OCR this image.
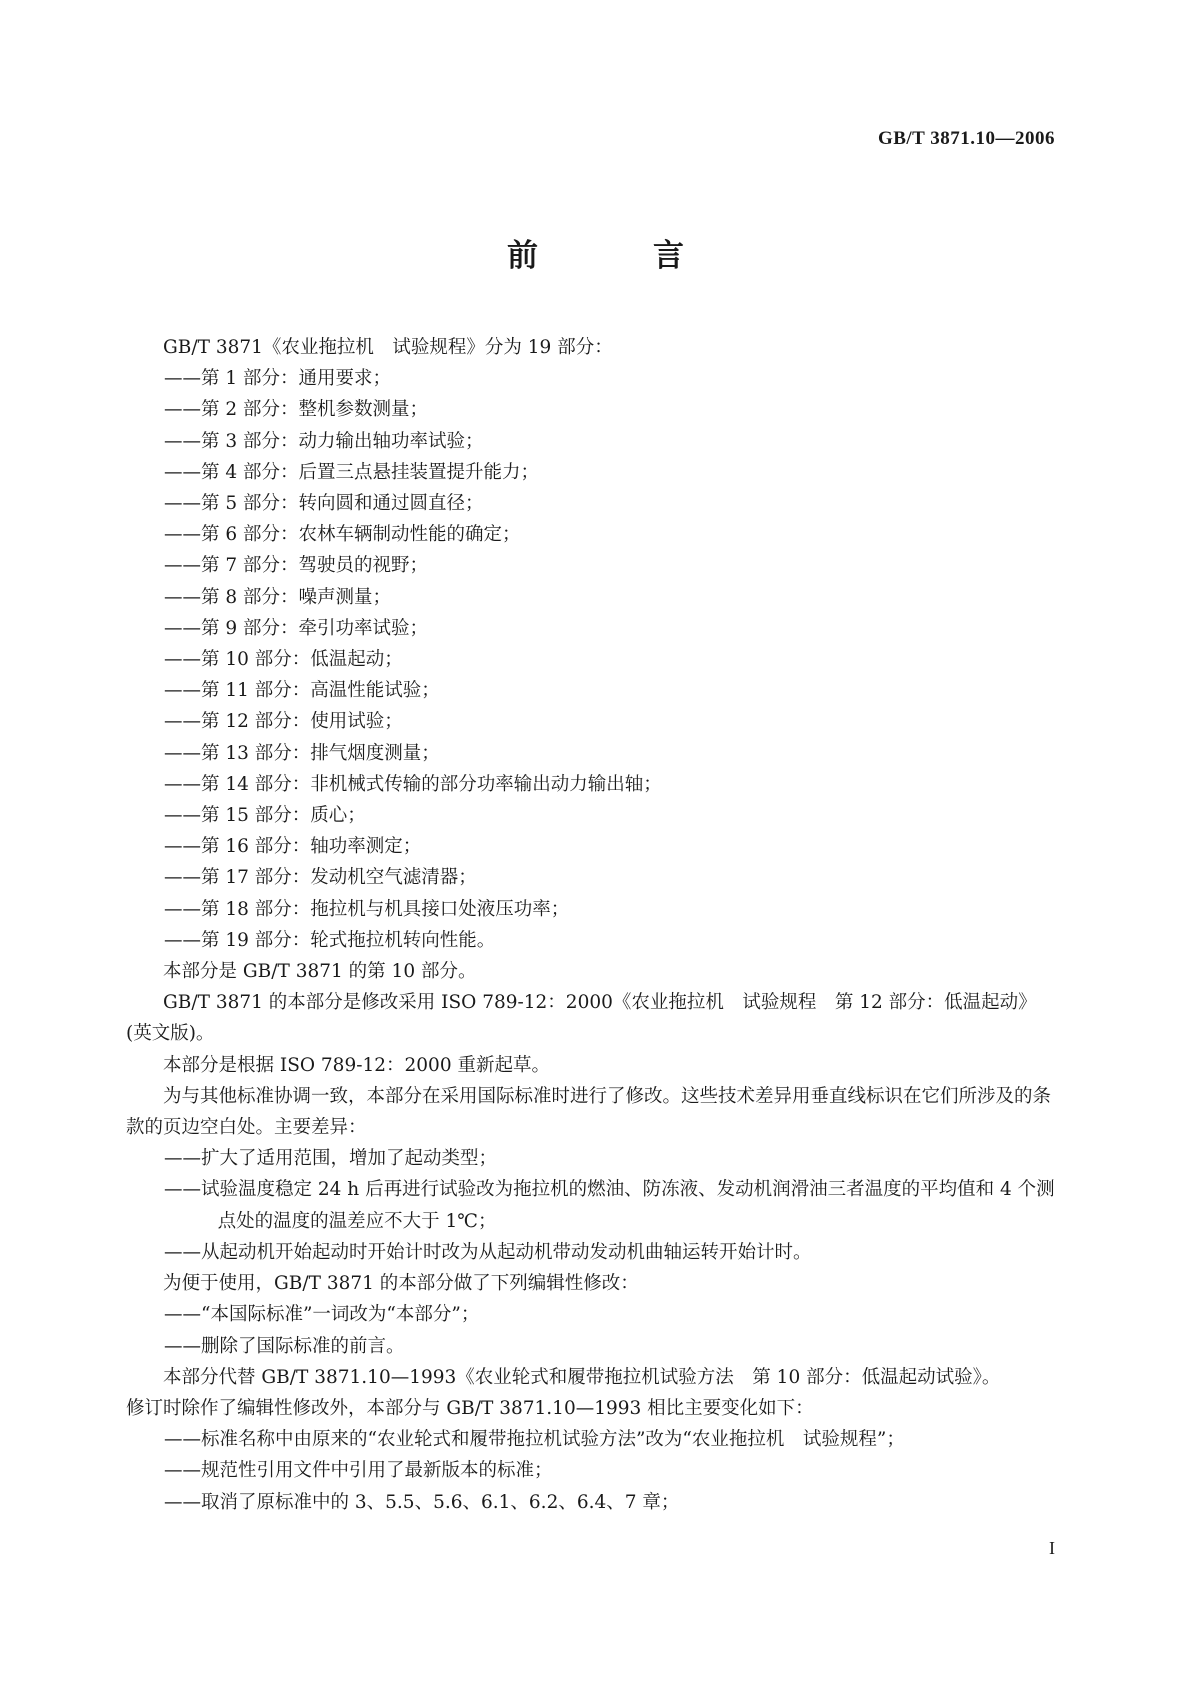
GB/T 3871.10—2006
前　言

GB/T 3871《农业拖拉机　试验规程》分为 19 部分：

——第 1 部分：通用要求；

——第 2 部分：整机参数测量；

——第 3 部分：动力输出轴功率试验；

——第 4 部分：后置三点悬挂装置提升能力；

——第 5 部分：转向圆和通过圆直径；

——第 6 部分：农林车辆制动性能的确定；

——第 7 部分：驾驶员的视野；

——第 8 部分：噪声测量；

——第 9 部分：牵引功率试验；

——第 10 部分：低温起动；

——第 11 部分：高温性能试验；

——第 12 部分：使用试验；

——第 13 部分：排气烟度测量；

——第 14 部分：非机械式传输的部分功率输出动力输出轴；

——第 15 部分：质心；

——第 16 部分：轴功率测定；

——第 17 部分：发动机空气滤清器；

——第 18 部分：拖拉机与机具接口处液压功率；

——第 19 部分：轮式拖拉机转向性能。

本部分是 GB/T 3871 的第 10 部分。

GB/T 3871 的本部分是修改采用 ISO 789-12：2000《农业拖拉机　试验规程　第 12 部分：低温起动》(英文版)。

本部分是根据 ISO 789-12：2000 重新起草。

为与其他标准协调一致，本部分在采用国际标准时进行了修改。这些技术差异用垂直线标识在它们所涉及的条款的页边空白处。主要差异：

——扩大了适用范围，增加了起动类型；

——试验温度稳定 24 h 后再进行试验改为拖拉机的燃油、防冻液、发动机润滑油三者温度的平均值和 4 个测点处的温度的温差应不大于 1℃；

——从起动机开始起动时开始计时改为从起动机带动发动机曲轴运转开始计时。

为便于使用，GB/T 3871 的本部分做了下列编辑性修改：

——“本国际标准”一词改为“本部分”；

——删除了国际标准的前言。

本部分代替 GB/T 3871.10—1993《农业轮式和履带拖拉机试验方法　第 10 部分：低温起动试验》。

修订时除作了编辑性修改外，本部分与 GB/T 3871.10—1993 相比主要变化如下：

——标准名称中由原来的“农业轮式和履带拖拉机试验方法”改为“农业拖拉机　试验规程”；

——规范性引用文件中引用了最新版本的标准；

——取消了原标准中的 3、5.5、5.6、6.1、6.2、6.4、7 章；

I
